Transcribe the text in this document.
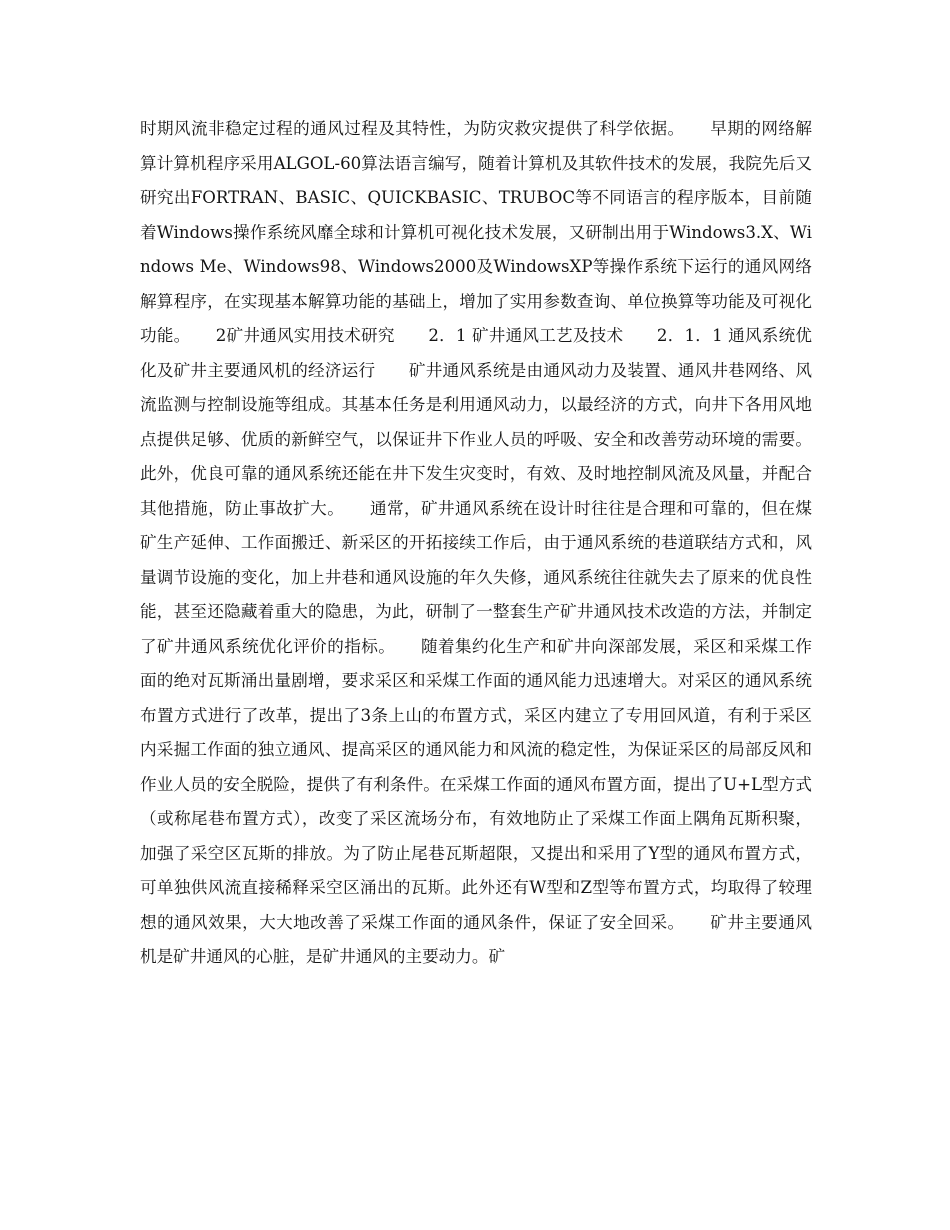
时期风流非稳定过程的通风过程及其特性，为防灾救灾提供了科学依据。　　早期的网络解算计算机程序采用ALGOL-60算法语言编写，随着计算机及其软件技术的发展，我院先后又研究出FORTRAN、BASIC、QUICKBASIC、TRUBOC等不同语言的程序版本，目前随着Windows操作系统风靡全球和计算机可视化技术发展，又研制出用于Windows3.X、Windows Me、Windows98、Windows2000及WindowsXP等操作系统下运行的通风网络解算程序，在实现基本解算功能的基础上，增加了实用参数查询、单位换算等功能及可视化功能。　　2矿井通风实用技术研究　　2．1 矿井通风工艺及技术　　2．1．1 通风系统优化及矿井主要通风机的经济运行　　矿井通风系统是由通风动力及装置、通风井巷网络、风流监测与控制设施等组成。其基本任务是利用通风动力，以最经济的方式，向井下各用风地点提供足够、优质的新鲜空气，以保证井下作业人员的呼吸、安全和改善劳动环境的需要。此外，优良可靠的通风系统还能在井下发生灾变时，有效、及时地控制风流及风量，并配合其他措施，防止事故扩大。　　通常，矿井通风系统在设计时往往是合理和可靠的，但在煤矿生产延伸、工作面搬迁、新采区的开拓接续工作后，由于通风系统的巷道联结方式和，风量调节设施的变化，加上井巷和通风设施的年久失修，通风系统往往就失去了原来的优良性能，甚至还隐藏着重大的隐患，为此，研制了一整套生产矿井通风技术改造的方法，并制定了矿井通风系统优化评价的指标。　　随着集约化生产和矿井向深部发展，采区和采煤工作面的绝对瓦斯涌出量剧增，要求采区和采煤工作面的通风能力迅速增大。对采区的通风系统布置方式进行了改革，提出了3条上山的布置方式，采区内建立了专用回风道，有利于采区内采掘工作面的独立通风、提高采区的通风能力和风流的稳定性，为保证采区的局部反风和作业人员的安全脱险，提供了有利条件。在采煤工作面的通风布置方面，提出了U+L型方式（或称尾巷布置方式），改变了采区流场分布，有效地防止了采煤工作面上隅角瓦斯积聚，加强了采空区瓦斯的排放。为了防止尾巷瓦斯超限，又提出和采用了Y型的通风布置方式，可单独供风流直接稀释采空区涌出的瓦斯。此外还有W型和Z型等布置方式，均取得了较理想的通风效果，大大地改善了采煤工作面的通风条件，保证了安全回采。　　矿井主要通风机是矿井通风的心脏，是矿井通风的主要动力。矿
